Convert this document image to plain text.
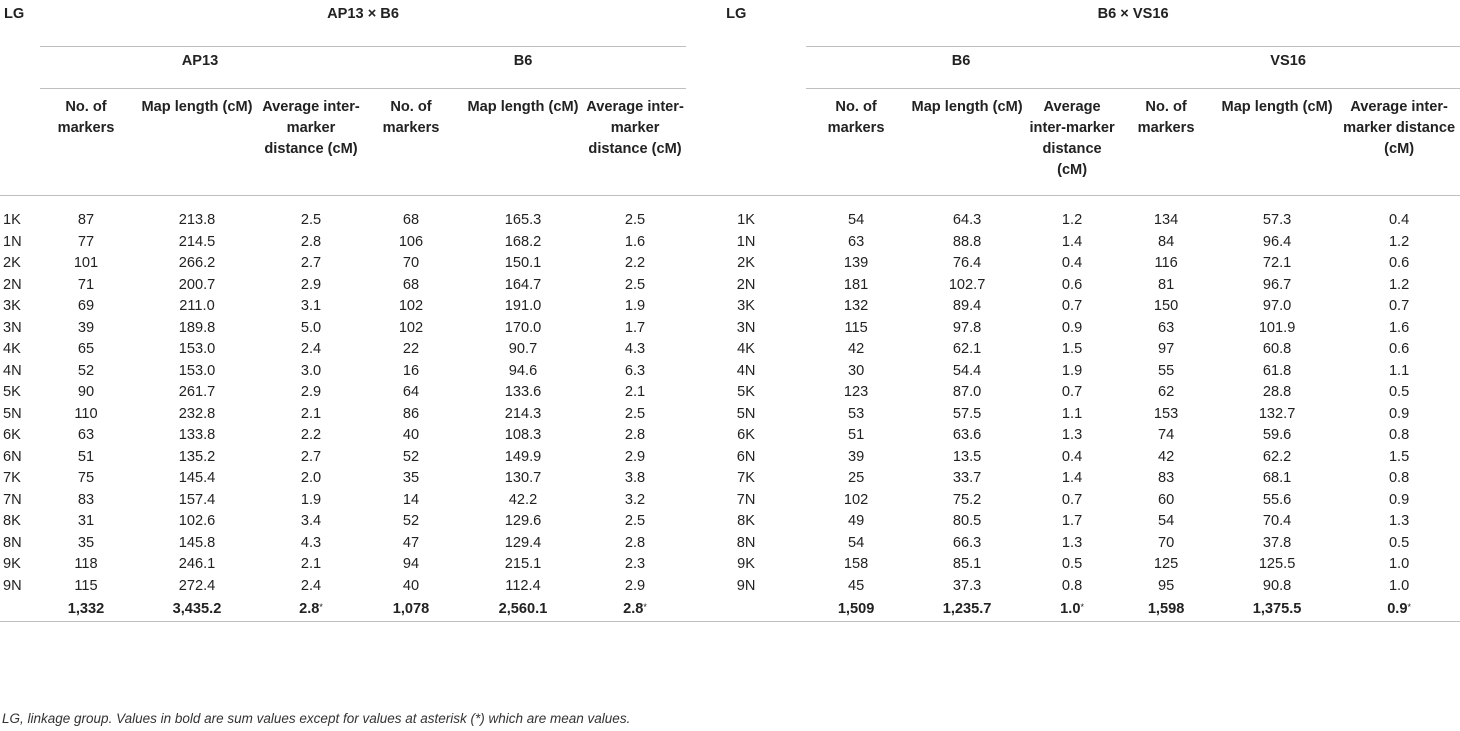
LG	AP13 × B6						LG	B6 × VS16					
	AP13			B6				B6			VS16		
	No. of markers	Map length (cM)	Average inter-marker distance (cM)	No. of markers	Map length (cM)	Average inter-marker distance (cM)		No. of markers	Map length (cM)	Average inter-marker distance (cM)	No. of markers	Map length (cM)	Average inter-marker distance (cM)
1K	87	213.8	2.5	68	165.3	2.5	1K	54	64.3	1.2	134	57.3	0.4
1N	77	214.5	2.8	106	168.2	1.6	1N	63	88.8	1.4	84	96.4	1.2
2K	101	266.2	2.7	70	150.1	2.2	2K	139	76.4	0.4	116	72.1	0.6
2N	71	200.7	2.9	68	164.7	2.5	2N	181	102.7	0.6	81	96.7	1.2
3K	69	211.0	3.1	102	191.0	1.9	3K	132	89.4	0.7	150	97.0	0.7
3N	39	189.8	5.0	102	170.0	1.7	3N	115	97.8	0.9	63	101.9	1.6
4K	65	153.0	2.4	22	90.7	4.3	4K	42	62.1	1.5	97	60.8	0.6
4N	52	153.0	3.0	16	94.6	6.3	4N	30	54.4	1.9	55	61.8	1.1
5K	90	261.7	2.9	64	133.6	2.1	5K	123	87.0	0.7	62	28.8	0.5
5N	110	232.8	2.1	86	214.3	2.5	5N	53	57.5	1.1	153	132.7	0.9
6K	63	133.8	2.2	40	108.3	2.8	6K	51	63.6	1.3	74	59.6	0.8
6N	51	135.2	2.7	52	149.9	2.9	6N	39	13.5	0.4	42	62.2	1.5
7K	75	145.4	2.0	35	130.7	3.8	7K	25	33.7	1.4	83	68.1	0.8
7N	83	157.4	1.9	14	42.2	3.2	7N	102	75.2	0.7	60	55.6	0.9
8K	31	102.6	3.4	52	129.6	2.5	8K	49	80.5	1.7	54	70.4	1.3
8N	35	145.8	4.3	47	129.4	2.8	8N	54	66.3	1.3	70	37.8	0.5
9K	118	246.1	2.1	94	215.1	2.3	9K	158	85.1	0.5	125	125.5	1.0
9N	115	272.4	2.4	40	112.4	2.9	9N	45	37.3	0.8	95	90.8	1.0
	1,332	3,435.2	2.8*	1,078	2,560.1	2.8*		1,509	1,235.7	1.0*	1,598	1,375.5	0.9*
LG, linkage group. Values in bold are sum values except for values at asterisk (*) which are mean values.
